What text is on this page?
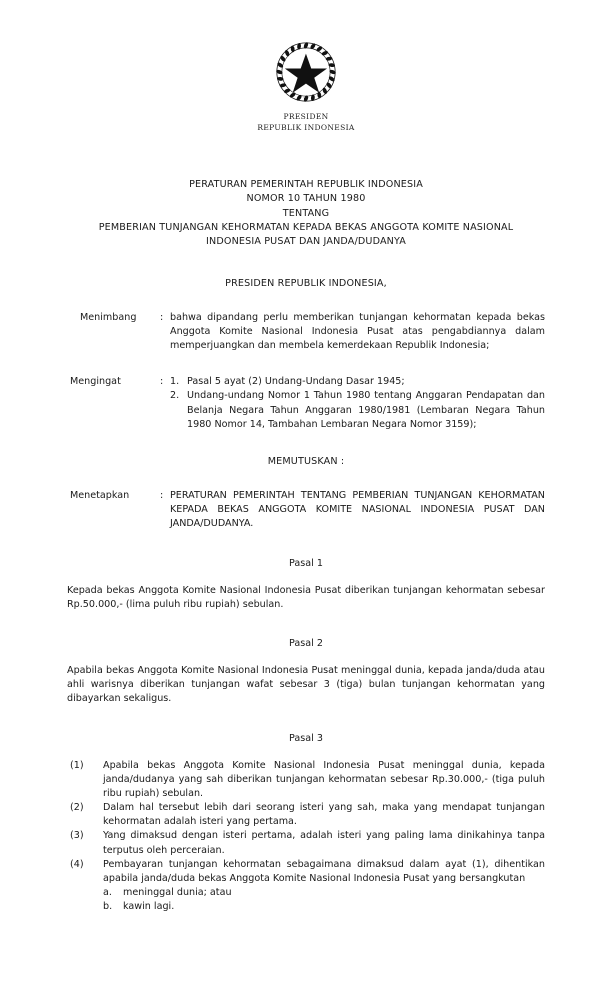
PRESIDEN
REPUBLIK INDONESIA
PERATURAN PEMERINTAH REPUBLIK INDONESIA
NOMOR 10 TAHUN 1980
TENTANG
PEMBERIAN TUNJANGAN KEHORMATAN KEPADA BEKAS ANGGOTA KOMITE NASIONAL
INDONESIA PUSAT DAN JANDA/DUDANYA
PRESIDEN REPUBLIK INDONESIA,
Menimbang	: bahwa dipandang perlu memberikan tunjangan kehormatan kepada bekas Anggota Komite Nasional Indonesia Pusat atas pengabdiannya dalam memperjuangkan dan membela kemerdekaan Republik Indonesia;
Mengingat	: 1. Pasal 5 ayat (2) Undang-Undang Dasar 1945;
2. Undang-undang Nomor 1 Tahun 1980 tentang Anggaran Pendapatan dan Belanja Negara Tahun Anggaran 1980/1981 (Lembaran Negara Tahun 1980 Nomor 14, Tambahan Lembaran Negara Nomor 3159);
MEMUTUSKAN :
Menetapkan	: PERATURAN PEMERINTAH TENTANG PEMBERIAN TUNJANGAN KEHORMATAN KEPADA BEKAS ANGGOTA KOMITE NASIONAL INDONESIA PUSAT DAN JANDA/DUDANYA.
Pasal 1
Kepada bekas Anggota Komite Nasional Indonesia Pusat diberikan tunjangan kehormatan sebesar Rp.50.000,- (lima puluh ribu rupiah) sebulan.
Pasal 2
Apabila bekas Anggota Komite Nasional Indonesia Pusat meninggal dunia, kepada janda/duda atau ahli warisnya diberikan tunjangan wafat sebesar 3 (tiga) bulan tunjangan kehormatan yang dibayarkan sekaligus.
Pasal 3
(1)	Apabila bekas Anggota Komite Nasional Indonesia Pusat meninggal dunia, kepada janda/dudanya yang sah diberikan tunjangan kehormatan sebesar Rp.30.000,- (tiga puluh ribu rupiah) sebulan.
(2)	Dalam hal tersebut lebih dari seorang isteri yang sah, maka yang mendapat tunjangan kehormatan adalah isteri yang pertama.
(3)	Yang dimaksud dengan isteri pertama, adalah isteri yang paling lama dinikahinya tanpa terputus oleh perceraian.
(4)	Pembayaran tunjangan kehormatan sebagaimana dimaksud dalam ayat (1), dihentikan apabila janda/duda bekas Anggota Komite Nasional Indonesia Pusat yang bersangkutan
a.	meninggal dunia; atau
b.	kawin lagi.
